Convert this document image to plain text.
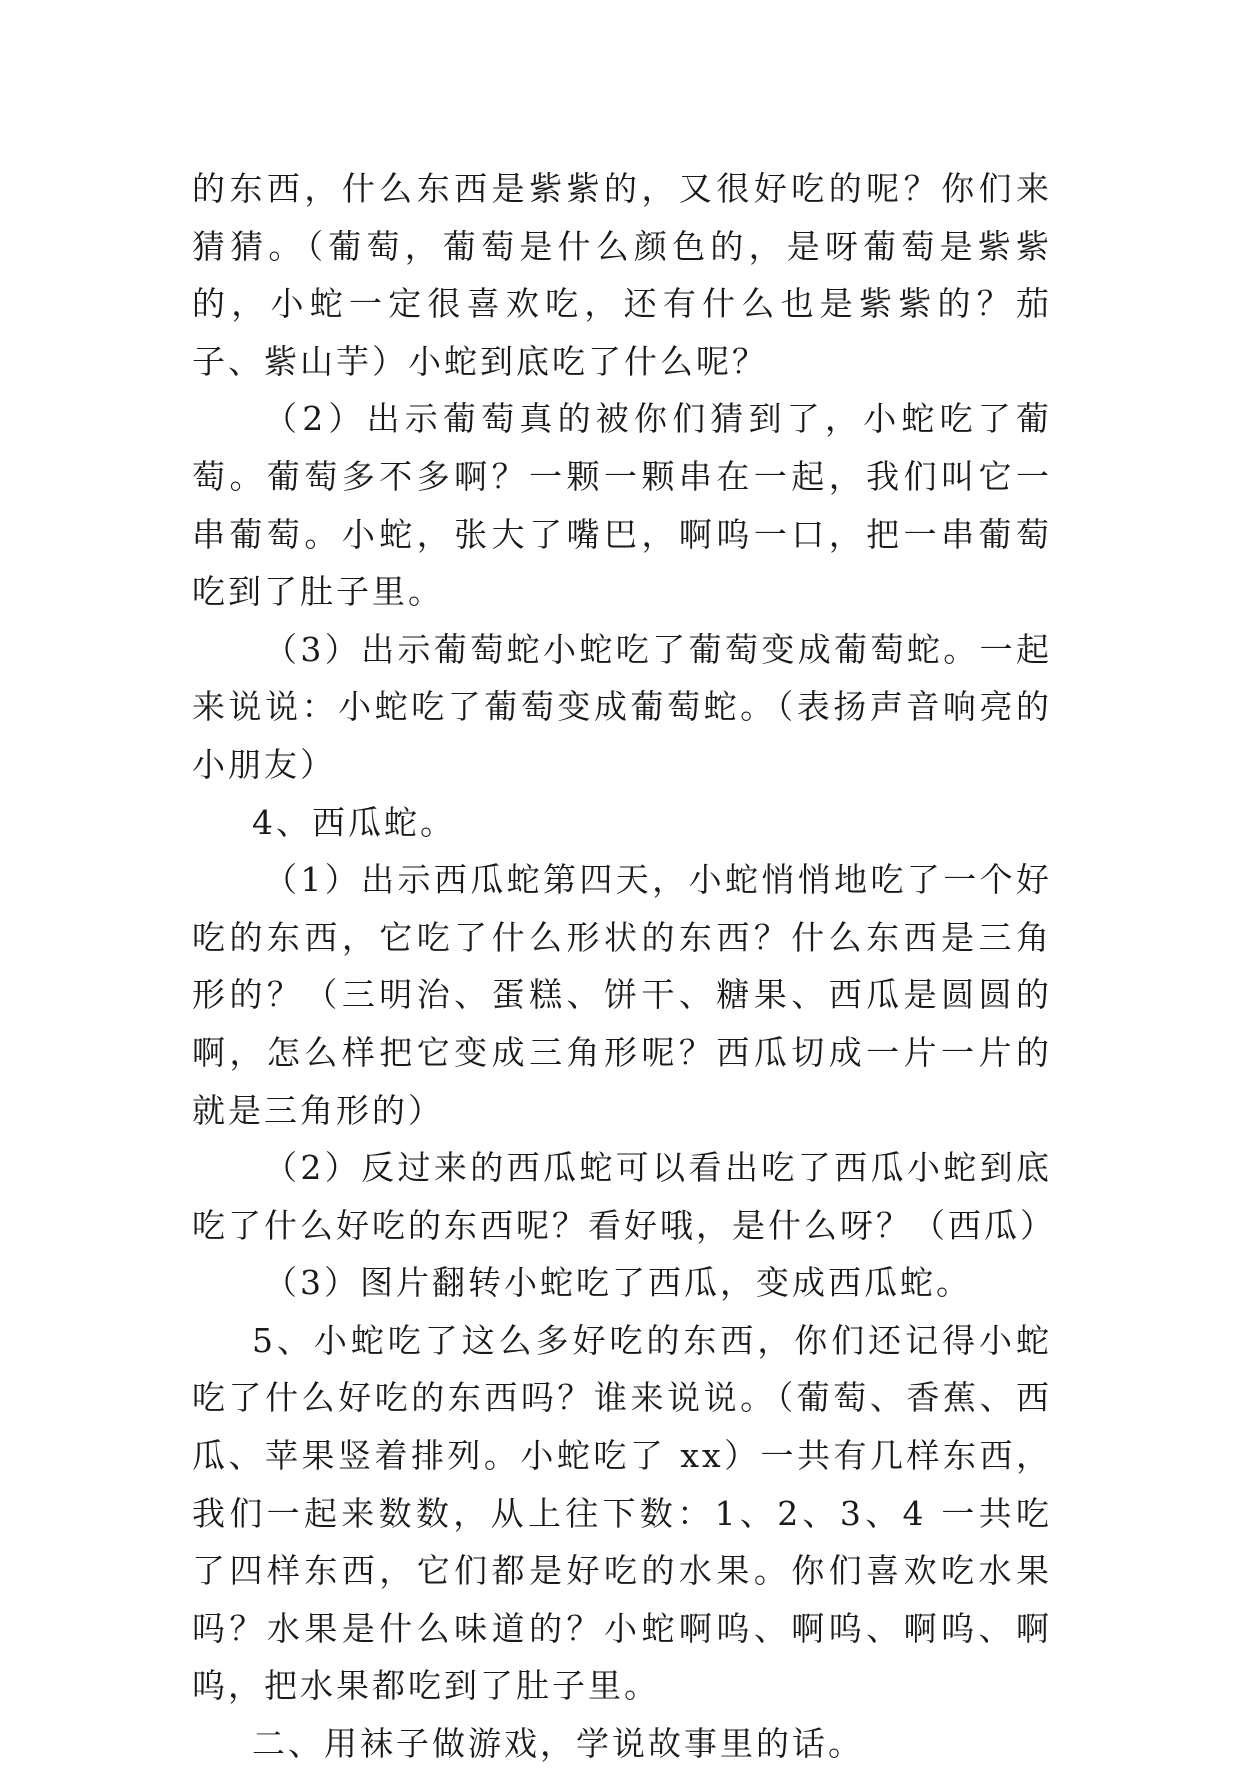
的东西，什么东西是紫紫的，又很好吃的呢？你们来猜猜。（葡萄，葡萄是什么颜色的，是呀葡萄是紫紫的，小蛇一定很喜欢吃，还有什么也是紫紫的？茄子、紫山芋）小蛇到底吃了什么呢？

（2）出示葡萄真的被你们猜到了，小蛇吃了葡萄。葡萄多不多啊？一颗一颗串在一起，我们叫它一串葡萄。小蛇，张大了嘴巴，啊呜一口，把一串葡萄吃到了肚子里。

（3）出示葡萄蛇小蛇吃了葡萄变成葡萄蛇。一起来说说：小蛇吃了葡萄变成葡萄蛇。（表扬声音响亮的小朋友）

4、西瓜蛇。

（1）出示西瓜蛇第四天，小蛇悄悄地吃了一个好吃的东西，它吃了什么形状的东西？什么东西是三角形的？（三明治、蛋糕、饼干、糖果、西瓜是圆圆的啊，怎么样把它变成三角形呢？西瓜切成一片一片的就是三角形的）

（2）反过来的西瓜蛇可以看出吃了西瓜小蛇到底吃了什么好吃的东西呢？看好哦，是什么呀？（西瓜）

（3）图片翻转小蛇吃了西瓜，变成西瓜蛇。

5、小蛇吃了这么多好吃的东西，你们还记得小蛇吃了什么好吃的东西吗？谁来说说。（葡萄、香蕉、西瓜、苹果竖着排列。小蛇吃了 xx）一共有几样东西，我们一起来数数，从上往下数：1、2、3、4 一共吃了四样东西，它们都是好吃的水果。你们喜欢吃水果吗？水果是什么味道的？小蛇啊呜、啊呜、啊呜、啊呜，把水果都吃到了肚子里。

二、用袜子做游戏，学说故事里的话。
